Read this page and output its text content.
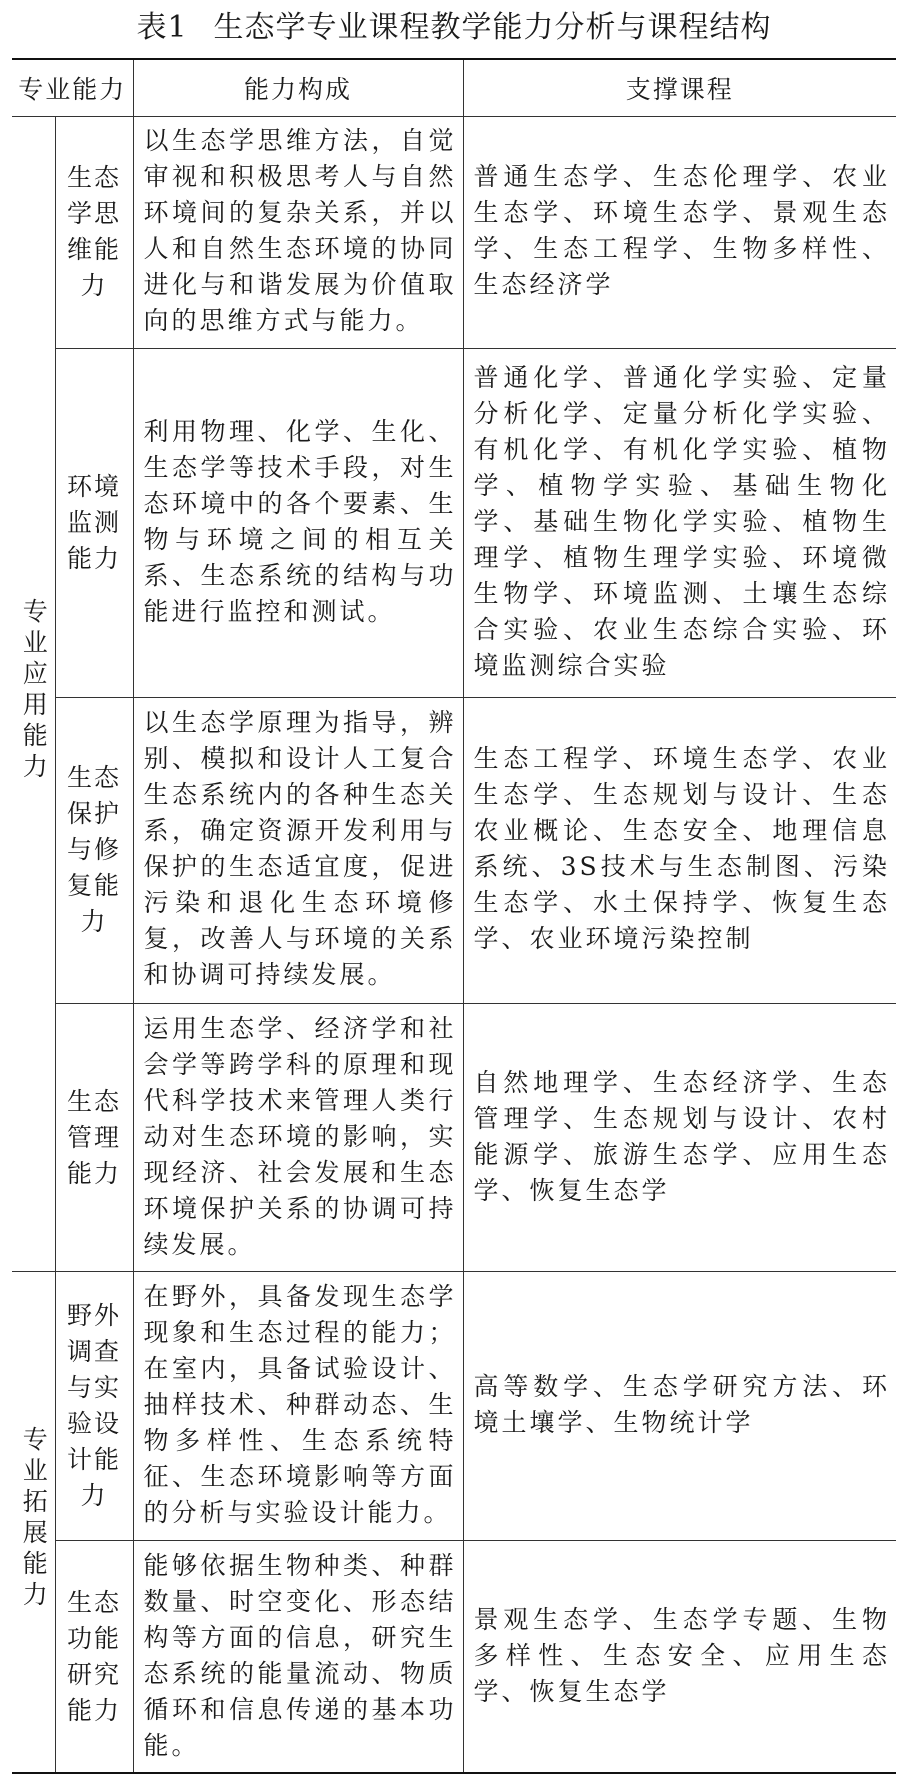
表1 生态学专业课程教学能力分析与课程结构
专业能力		能力构成	支撑课程
专业应用能力	生态学思维能力	以生态学思维方法，自觉审视和积极思考人与自然环境间的复杂关系，并以人和自然生态环境的协同进化与和谐发展为价值取向的思维方式与能力。	普通生态学、生态伦理学、农业生态学、环境生态学、景观生态学、生态工程学、生物多样性、生态经济学
	环境监测能力	利用物理、化学、生化、生态学等技术手段，对生态环境中的各个要素、生物与环境之间的相互关系、生态系统的结构与功能进行监控和测试。	普通化学、普通化学实验、定量分析化学、定量分析化学实验、有机化学、有机化学实验、植物学、植物学实验、基础生物化学、基础生物化学实验、植物生理学、植物生理学实验、环境微生物学、环境监测、土壤生态综合实验、农业生态综合实验、环境监测综合实验
	生态保护与修复能力	以生态学原理为指导，辨别、模拟和设计人工复合生态系统内的各种生态关系，确定资源开发利用与保护的生态适宜度，促进污染和退化生态环境修复，改善人与环境的关系和协调可持续发展。	生态工程学、环境生态学、农业生态学、生态规划与设计、生态农业概论、生态安全、地理信息系统、3S技术与生态制图、污染生态学、水土保持学、恢复生态学、农业环境污染控制
	生态管理能力	运用生态学、经济学和社会学等跨学科的原理和现代科学技术来管理人类行动对生态环境的影响，实现经济、社会发展和生态环境保护关系的协调可持续发展。	自然地理学、生态经济学、生态管理学、生态规划与设计、农村能源学、旅游生态学、应用生态学、恢复生态学
专业拓展能力	野外调查与实验设计能力	在野外，具备发现生态学现象和生态过程的能力；在室内，具备试验设计、抽样技术、种群动态、生物多样性、生态系统特征、生态环境影响等方面的分析与实验设计能力。	高等数学、生态学研究方法、环境土壤学、生物统计学
	生态功能研究能力	能够依据生物种类、种群数量、时空变化、形态结构等方面的信息，研究生态系统的能量流动、物质循环和信息传递的基本功能。	景观生态学、生态学专题、生物多样性、生态安全、应用生态学、恢复生态学
